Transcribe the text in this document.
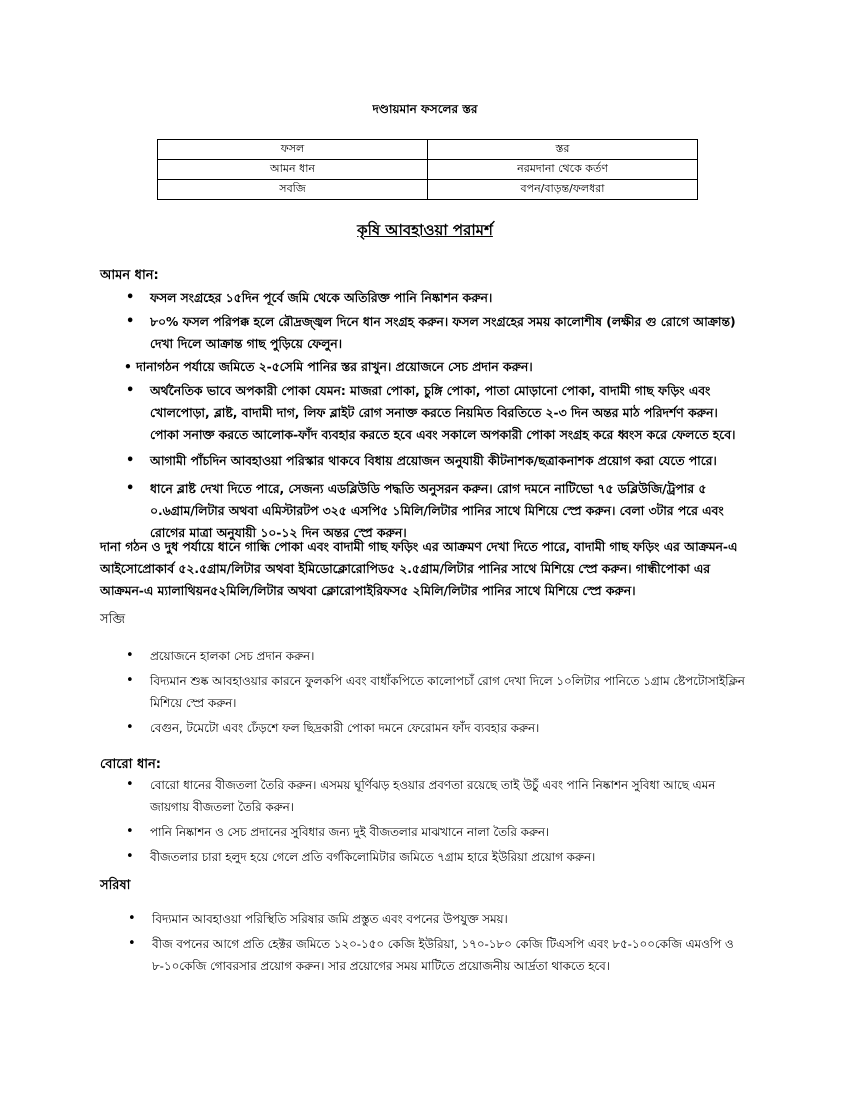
দণ্ডায়মান ফসলের স্তর
ফসল	স্তর
আমন ধান	নরমদানা থেকে কর্তণ
সবজি	বপন/বাড়ন্ত/ফলধরা
কৃষি আবহাওয়া পরামর্শ
আমন ধান:
• ফসল সংগ্রহের ১৫দিন পূর্বে জমি থেকে অতিরিক্ত পানি নিষ্কাশন করুন।
• ৮০% ফসল পরিপক্ক হলে রৌদ্রজ্জ্বল দিনে ধান সংগ্রহ করুন। ফসল সংগ্রহের সময় কালোশীষ (লক্ষীর গু রোগে আক্রান্ত) দেখা দিলে আক্রান্ত গাছ পুড়িয়ে ফেলুন।
• দানাগঠন পর্যায়ে জমিতে ২-৫সেমি পানির স্তর রাখুন। প্রয়োজনে সেচ প্রদান করুন।
• অর্থনৈতিক ভাবে অপকারী পোকা যেমন: মাজরা পোকা, চুঙ্গি পোকা, পাতা মোড়ানো পোকা, বাদামী গাছ ফড়িং এবং খোলপোড়া, ব্লাষ্ট, বাদামী দাগ, লিফ ব্লাইট রোগ সনাক্ত করতে নিয়মিত বিরতিতে ২-৩ দিন অন্তর মাঠ পরিদর্শণ করুন। পোকা সনাক্ত করতে আলোক-ফাঁদ ব্যবহার করতে হবে এবং সকালে অপকারী পোকা সংগ্রহ করে ধ্বংস করে ফেলতে হবে।
• আগামী পাঁচদিন আবহাওয়া পরিস্কার থাকবে বিধায় প্রয়োজন অনুযায়ী কীটনাশক/ছত্রাকনাশক প্রয়োগ করা যেতে পারে।
• ধানে ব্লাষ্ট দেখা দিতে পারে, সেজন্য এডব্লিউডি পদ্ধতি অনুসরন করুন। রোগ দমনে নাটিভো ৭৫ ডব্লিউজি/ট্রপার ৫ ০.৬গ্রাম/লিটার অথবা এমিস্টারটপ ৩২৫ এসপি৫ ১মিলি/লিটার পানির সাথে মিশিয়ে স্প্রে করুন। বেলা ৩টার পরে এবং রোগের মাত্রা অনুযায়ী ১০-১২ দিন অন্তর স্প্রে করুন।
দানা গঠন ও দুধ পর্যায়ে ধানে গান্ধি পোকা এবং বাদামী গাছ ফড়িং এর আক্রমণ দেখা দিতে পারে, বাদামী গাছ ফড়িং এর আক্রমন-এ আইসোপ্রোকার্ব ৫২.৫গ্রাম/লিটার অথবা ইমিডোক্লোরোপিড৫ ২.৫গ্রাম/লিটার পানির সাথে মিশিয়ে স্প্রে করুন। গান্ধীপোকা এর আক্রমন-এ ম্যালাথিয়ন৫২মিলি/লিটার অথবা ক্লোরোপাইরিফস৫ ২মিলি/লিটার পানির সাথে মিশিয়ে স্প্রে করুন।
সব্জি
• প্রয়োজনে হালকা সেচ প্রদান করুন।
• বিদ্যমান শুষ্ক আবহাওয়ার কারনে ফুলকপি এবং বাধাঁকপিতে কালোপচাঁ রোগ দেখা দিলে ১০লিটার পানিতে ১গ্রাম ষ্টেপটোসাইক্লিন মিশিয়ে স্প্রে করুন।
• বেগুন, টমেটো এবং ঢেঁড়শে ফল ছিদ্রকারী পোকা দমনে ফেরোমন ফাঁদ ব্যবহার করুন।
বোরো ধান:
• বোরো ধানের বীজতলা তৈরি করুন। এসময় ঘূর্ণিঝড় হওয়ার প্রবণতা রয়েছে তাই উচুঁ এবং পানি নিষ্কাশন সুবিধা আছে এমন জায়গায় বীজতলা তৈরি করুন।
• পানি নিষ্কাশন ও সেচ প্রদানের সুবিধার জন্য দুই বীজতলার মাঝখানে নালা তৈরি করুন।
• বীজতলার চারা হলুদ হয়ে গেলে প্রতি বর্গকিলোমিটার জমিতে ৭গ্রাম হারে ইউরিয়া প্রয়োগ করুন।
সরিষা
• বিদ্যমান আবহাওয়া পরিস্থিতি সরিষার জমি প্রস্তুত এবং বপনের উপযুক্ত সময়।
• বীজ বপনের আগে প্রতি হেক্টর জমিতে ১২০-১৫০ কেজি ইউরিয়া, ১৭০-১৮০ কেজি টিএসপি এবং ৮৫-১০০কেজি এমওপি ও ৮-১০কেজি গোবরসার প্রয়োগ করুন। সার প্রয়োগের সময় মাটিতে প্রয়োজনীয় আর্দ্রতা থাকতে হবে।
